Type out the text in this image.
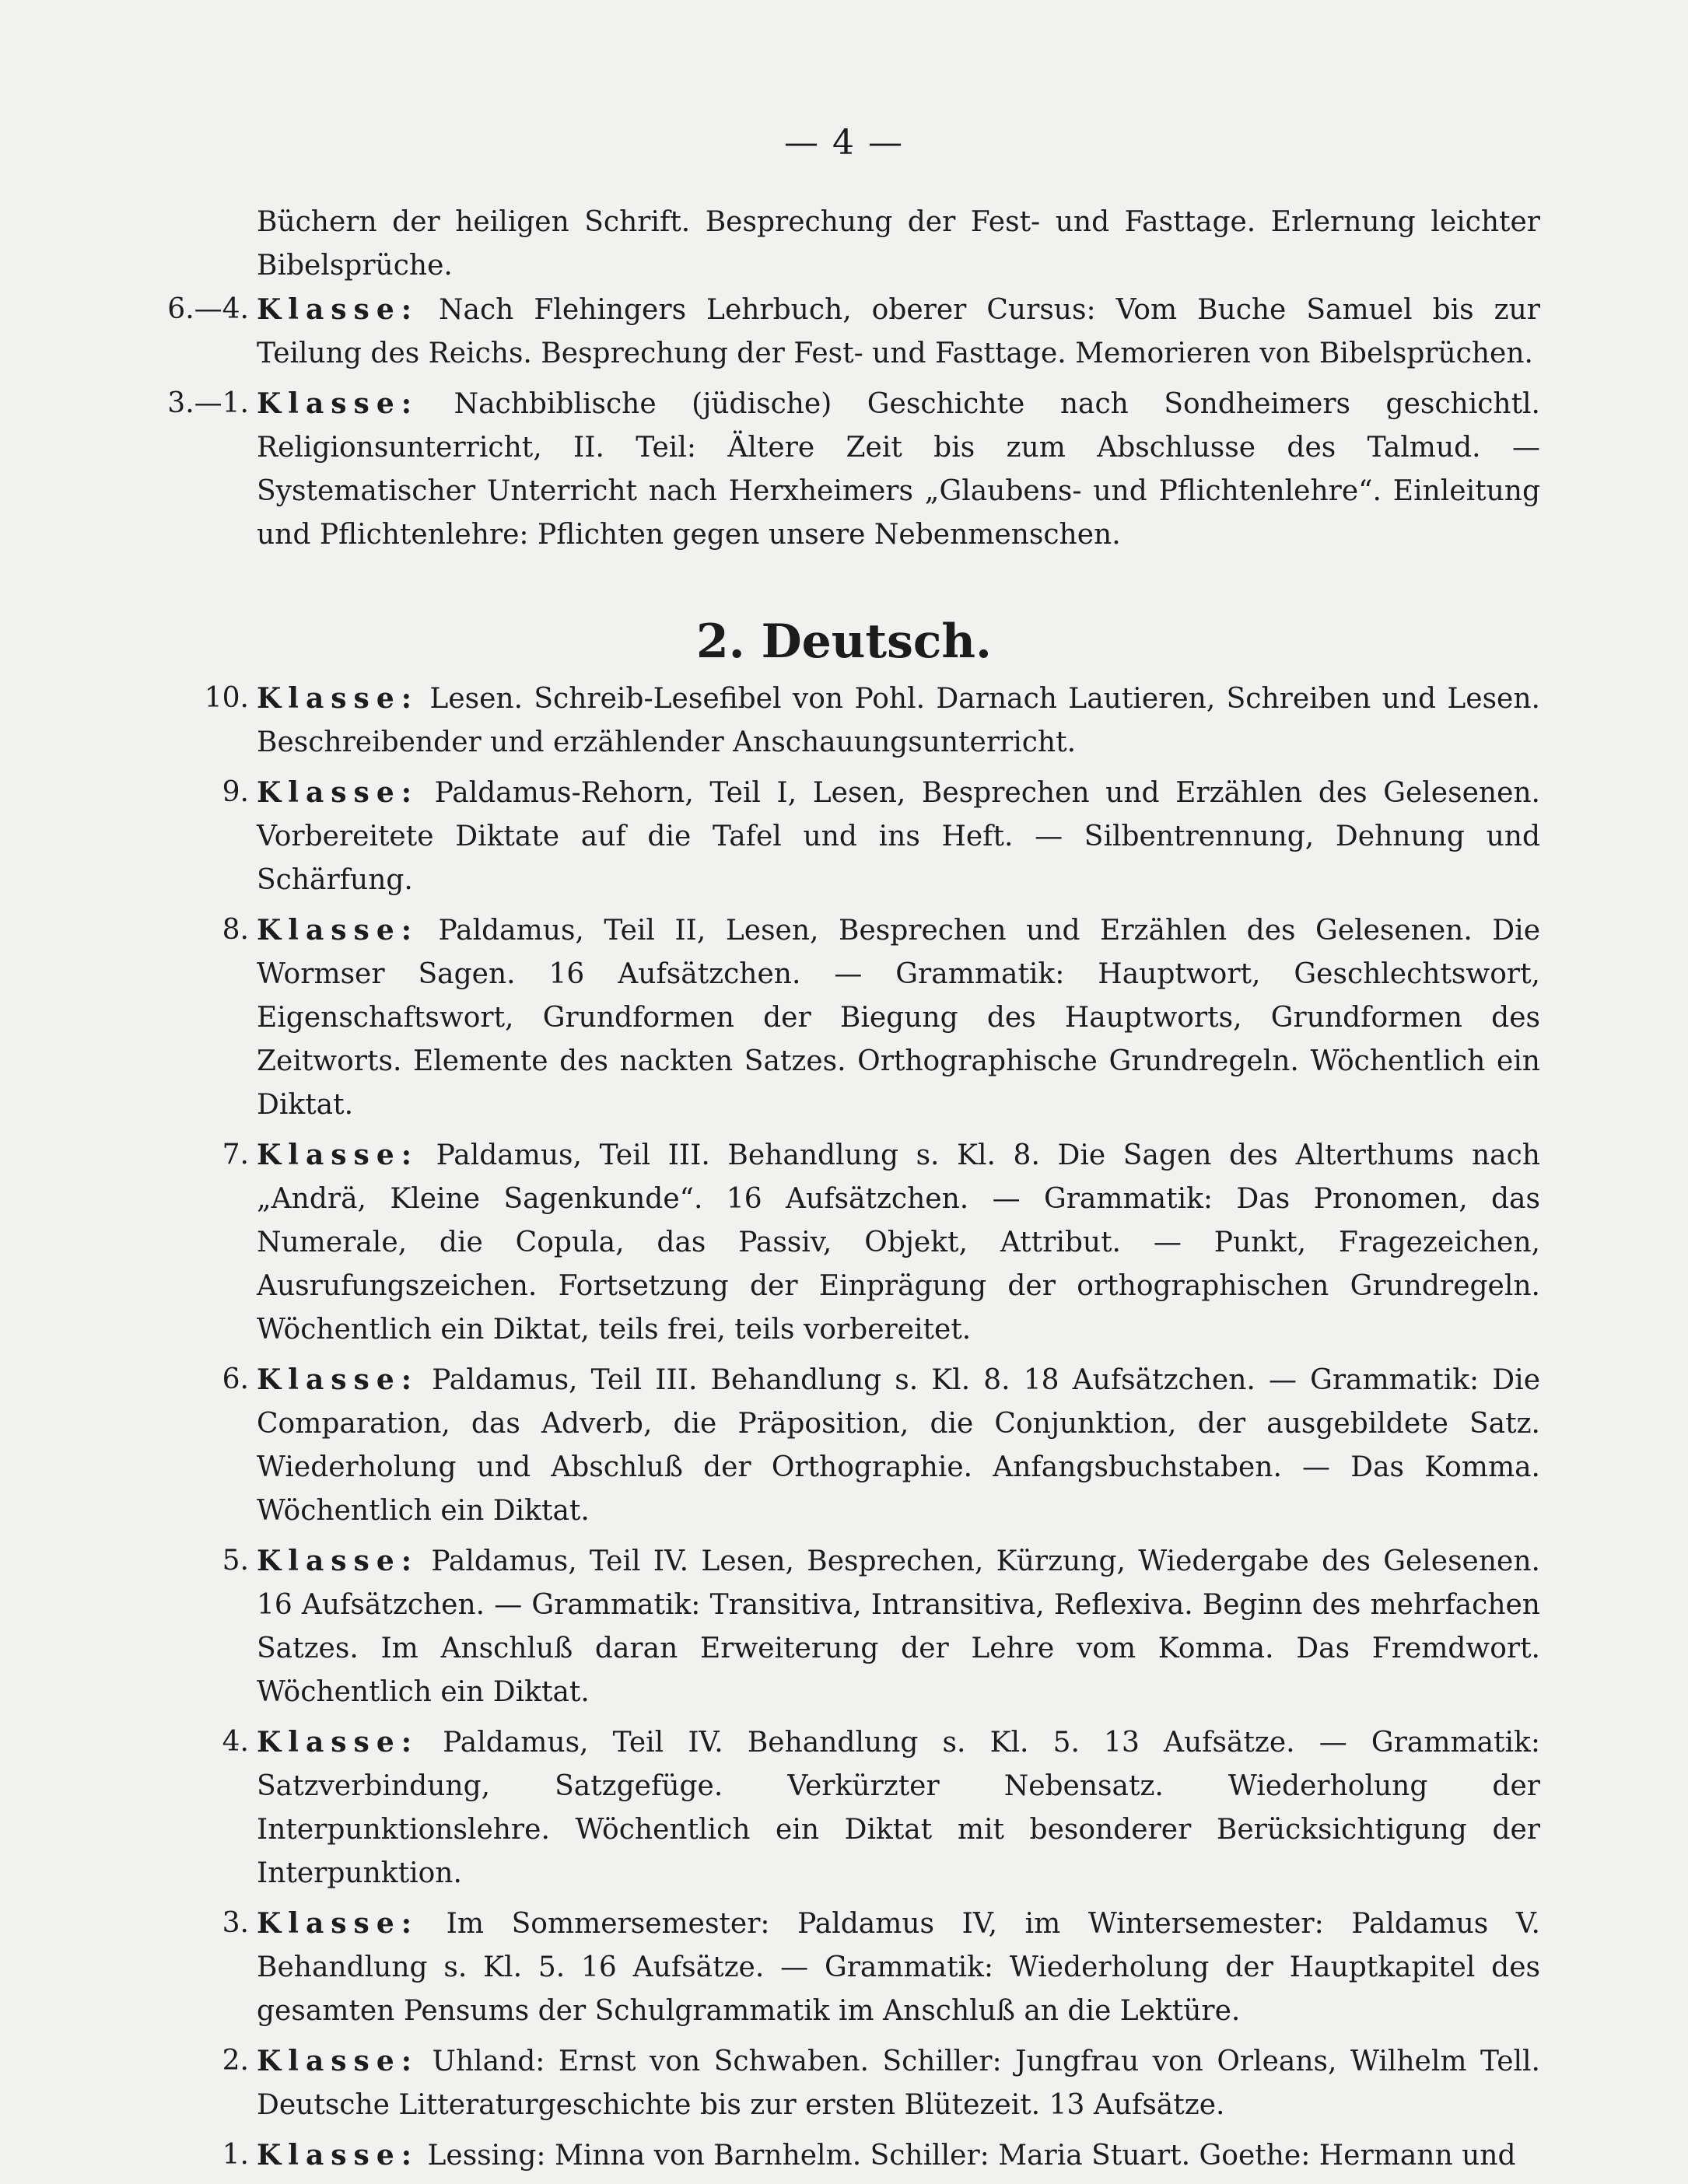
— 4 —
Büchern der heiligen Schrift. Besprechung der Fest- und Fasttage. Erlernung leichter Bibelsprüche.
6.—4. Klasse: Nach Flehingers Lehrbuch, oberer Cursus: Vom Buche Samuel bis zur Teilung des Reichs. Besprechung der Fest- und Fasttage. Memorieren von Bibelsprüchen.
3.—1. Klasse: Nachbiblische (jüdische) Geschichte nach Sondheimers geschichtl. Religionsunterricht, II. Teil: Ältere Zeit bis zum Abschlusse des Talmud. — Systematischer Unterricht nach Herxheimers „Glaubens- und Pflichtenlehre“. Einleitung und Pflichtenlehre: Pflichten gegen unsere Nebenmenschen.
2. Deutsch.
10. Klasse: Lesen. Schreib-Lesefibel von Pohl. Darnach Lautieren, Schreiben und Lesen. Beschreibender und erzählender Anschauungsunterricht.
9. Klasse: Paldamus-Rehorn, Teil I, Lesen, Besprechen und Erzählen des Gelesenen. Vorbereitete Diktate auf die Tafel und ins Heft. — Silbentrennung, Dehnung und Schärfung.
8. Klasse: Paldamus, Teil II, Lesen, Besprechen und Erzählen des Gelesenen. Die Wormser Sagen. 16 Aufsätzchen. — Grammatik: Hauptwort, Geschlechtswort, Eigenschaftswort, Grundformen der Biegung des Hauptworts, Grundformen des Zeitworts. Elemente des nackten Satzes. Orthographische Grundregeln. Wöchentlich ein Diktat.
7. Klasse: Paldamus, Teil III. Behandlung s. Kl. 8. Die Sagen des Alterthums nach „Andrä, Kleine Sagenkunde“. 16 Aufsätzchen. — Grammatik: Das Pronomen, das Numerale, die Copula, das Passiv, Objekt, Attribut. — Punkt, Fragezeichen, Ausrufungszeichen. Fortsetzung der Einprägung der orthographischen Grundregeln. Wöchentlich ein Diktat, teils frei, teils vorbereitet.
6. Klasse: Paldamus, Teil III. Behandlung s. Kl. 8. 18 Aufsätzchen. — Grammatik: Die Comparation, das Adverb, die Präposition, die Conjunktion, der ausgebildete Satz. Wiederholung und Abschluß der Orthographie. Anfangsbuchstaben. — Das Komma. Wöchentlich ein Diktat.
5. Klasse: Paldamus, Teil IV. Lesen, Besprechen, Kürzung, Wiedergabe des Gelesenen. 16 Aufsätzchen. — Grammatik: Transitiva, Intransitiva, Reflexiva. Beginn des mehrfachen Satzes. Im Anschluß daran Erweiterung der Lehre vom Komma. Das Fremdwort. Wöchentlich ein Diktat.
4. Klasse: Paldamus, Teil IV. Behandlung s. Kl. 5. 13 Aufsätze. — Grammatik: Satzverbindung, Satzgefüge. Verkürzter Nebensatz. Wiederholung der Interpunktionslehre. Wöchentlich ein Diktat mit besonderer Berücksichtigung der Interpunktion.
3. Klasse: Im Sommersemester: Paldamus IV, im Wintersemester: Paldamus V. Behandlung s. Kl. 5. 16 Aufsätze. — Grammatik: Wiederholung der Hauptkapitel des gesamten Pensums der Schulgrammatik im Anschluß an die Lektüre.
2. Klasse: Uhland: Ernst von Schwaben. Schiller: Jungfrau von Orleans, Wilhelm Tell. Deutsche Litteraturgeschichte bis zur ersten Blütezeit. 13 Aufsätze.
1. Klasse: Lessing: Minna von Barnhelm. Schiller: Maria Stuart. Goethe: Hermann und
